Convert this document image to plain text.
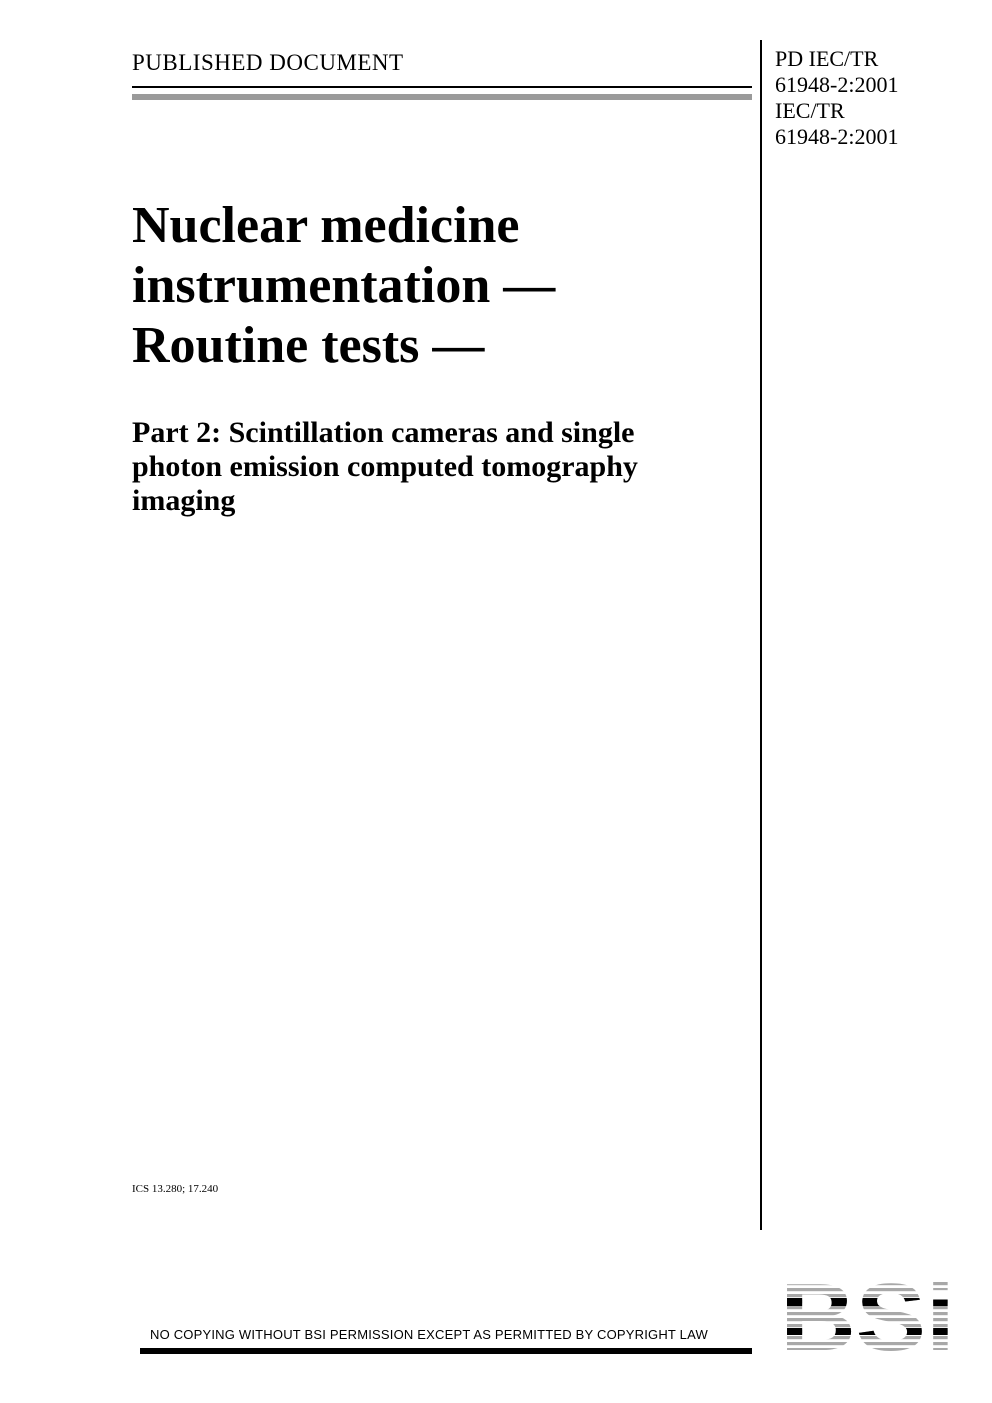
PUBLISHED DOCUMENT	PD IEC/TR
61948-2:2001
IEC/TR
61948-2:2001
Nuclear medicine
instrumentation —
Routine tests —
Part 2: Scintillation cameras and single
photon emission computed tomography
imaging
ICS 13.280; 17.240
NO COPYING WITHOUT BSI PERMISSION EXCEPT AS PERMITTED BY COPYRIGHT LAW
